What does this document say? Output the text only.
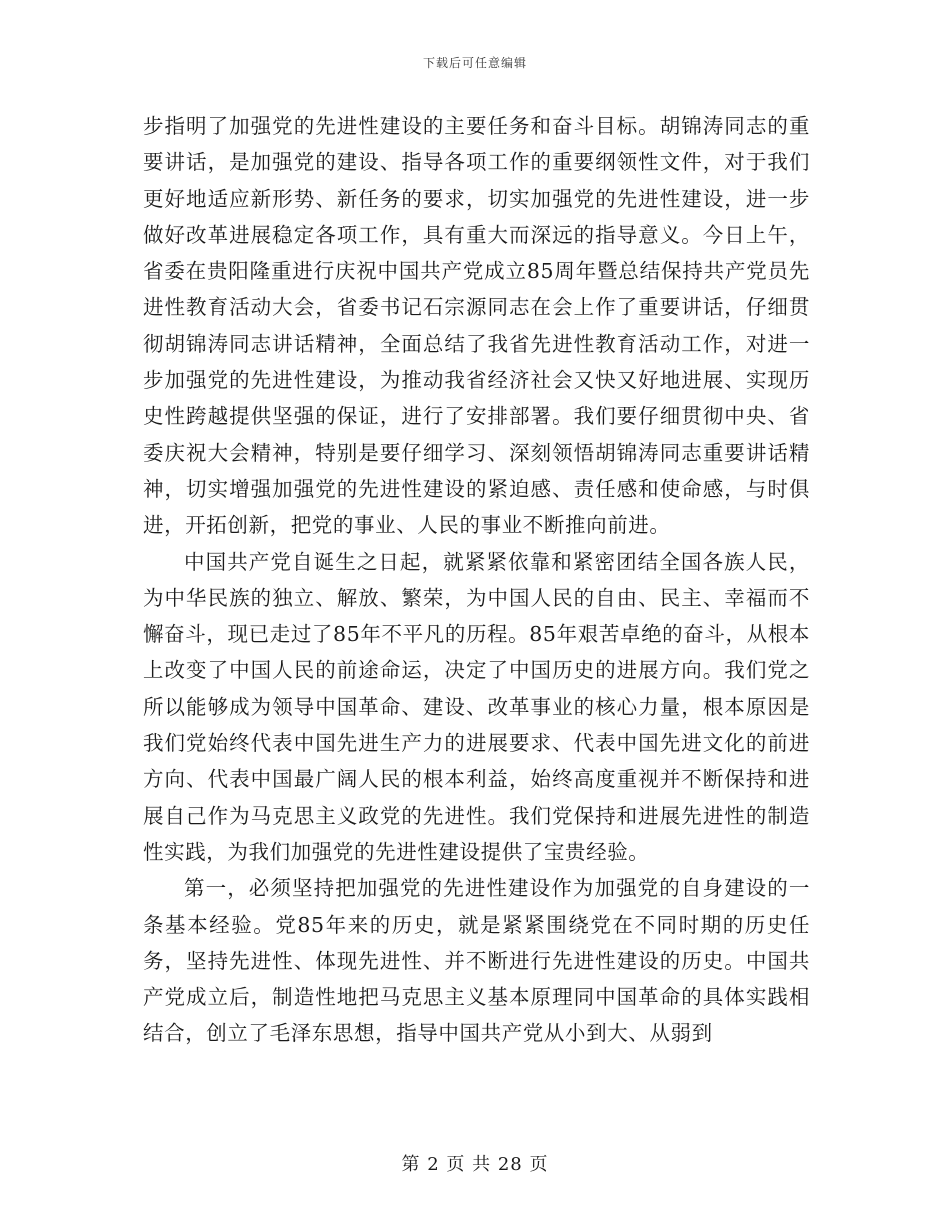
下载后可任意编辑

步指明了加强党的先进性建设的主要任务和奋斗目标。胡锦涛同志的重要讲话，是加强党的建设、指导各项工作的重要纲领性文件，对于我们更好地适应新形势、新任务的要求，切实加强党的先进性建设，进一步做好改革进展稳定各项工作，具有重大而深远的指导意义。今日上午，省委在贵阳隆重进行庆祝中国共产党成立85周年暨总结保持共产党员先进性教育活动大会，省委书记石宗源同志在会上作了重要讲话，仔细贯彻胡锦涛同志讲话精神，全面总结了我省先进性教育活动工作，对进一步加强党的先进性建设，为推动我省经济社会又快又好地进展、实现历史性跨越提供坚强的保证，进行了安排部署。我们要仔细贯彻中央、省委庆祝大会精神，特别是要仔细学习、深刻领悟胡锦涛同志重要讲话精神，切实增强加强党的先进性建设的紧迫感、责任感和使命感，与时俱进，开拓创新，把党的事业、人民的事业不断推向前进。

中国共产党自诞生之日起，就紧紧依靠和紧密团结全国各族人民，为中华民族的独立、解放、繁荣，为中国人民的自由、民主、幸福而不懈奋斗，现已走过了85年不平凡的历程。85年艰苦卓绝的奋斗，从根本上改变了中国人民的前途命运，决定了中国历史的进展方向。我们党之所以能够成为领导中国革命、建设、改革事业的核心力量，根本原因是我们党始终代表中国先进生产力的进展要求、代表中国先进文化的前进方向、代表中国最广阔人民的根本利益，始终高度重视并不断保持和进展自己作为马克思主义政党的先进性。我们党保持和进展先进性的制造性实践，为我们加强党的先进性建设提供了宝贵经验。

第一，必须坚持把加强党的先进性建设作为加强党的自身建设的一条基本经验。党85年来的历史，就是紧紧围绕党在不同时期的历史任务，坚持先进性、体现先进性、并不断进行先进性建设的历史。中国共产党成立后，制造性地把马克思主义基本原理同中国革命的具体实践相结合，创立了毛泽东思想，指导中国共产党从小到大、从弱到

第 2 页 共 28 页
